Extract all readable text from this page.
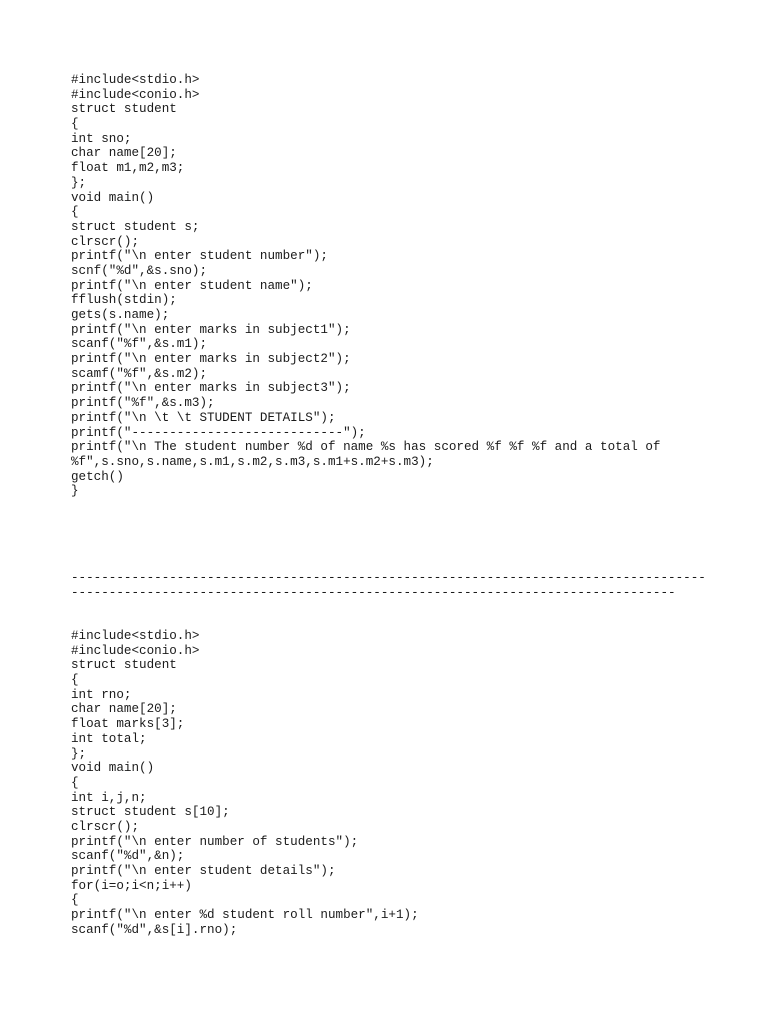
#include<stdio.h>
#include<conio.h>
struct student
{
int sno;
char name[20];
float m1,m2,m3;
};
void main()
{
struct student s;
clrscr();
printf("\n enter student number");
scnf("%d",&s.sno);
printf("\n enter student name");
fflush(stdin);
gets(s.name);
printf("\n enter marks in subject1");
scanf("%f",&s.m1);
printf("\n enter marks in subject2");
scamf("%f",&s.m2);
printf("\n enter marks in subject3");
printf("%f",&s.m3);
printf("\n \t \t STUDENT DETAILS");
printf("----------------------------");
printf("\n The student number %d of name %s has scored %f %f %f and a total of
%f",s.sno,s.name,s.m1,s.m2,s.m3,s.m1+s.m2+s.m3);
getch()
}
------------------------------------------------------------------------------------
--------------------------------------------------------------------------------
#include<stdio.h>
#include<conio.h>
struct student
{
int rno;
char name[20];
float marks[3];
int total;
};
void main()
{
int i,j,n;
struct student s[10];
clrscr();
printf("\n enter number of students");
scanf("%d",&n);
printf("\n enter student details");
for(i=o;i<n;i++)
{
printf("\n enter %d student roll number",i+1);
scanf("%d",&s[i].rno);
